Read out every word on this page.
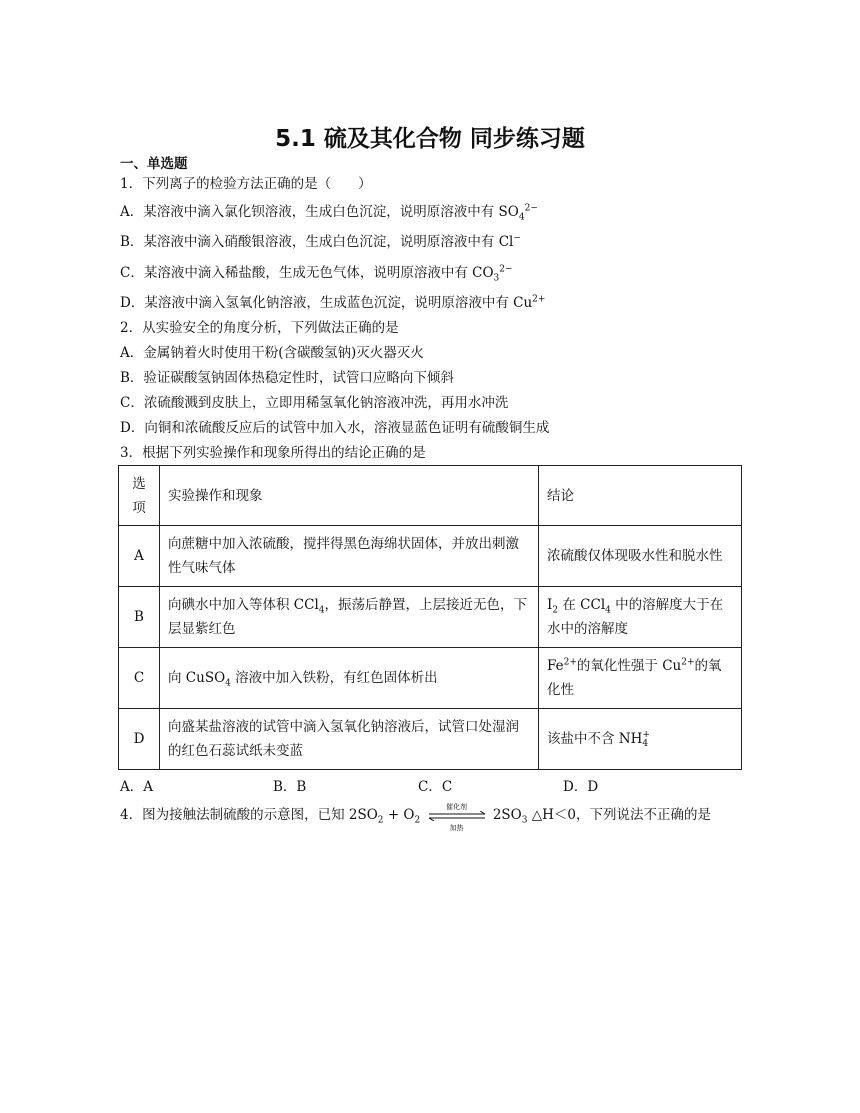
5.1 硫及其化合物 同步练习题
一、单选题
1．下列离子的检验方法正确的是（　　）
A．某溶液中滴入氯化钡溶液，生成白色沉淀，说明原溶液中有 $SO_4^{2-}$
B．某溶液中滴入硝酸银溶液，生成白色沉淀，说明原溶液中有 Cl−
C．某溶液中滴入稀盐酸，生成无色气体，说明原溶液中有 $CO_3^{2-}$
D．某溶液中滴入氢氧化钠溶液，生成蓝色沉淀，说明原溶液中有 $Cu^{2+}$
2．从实验安全的角度分析，下列做法正确的是
A．金属钠着火时使用干粉(含碳酸氢钠)灭火器灭火
B．验证碳酸氢钠固体热稳定性时，试管口应略向下倾斜
C．浓硫酸溅到皮肤上，立即用稀氢氧化钠溶液冲洗，再用水冲洗
D．向铜和浓硫酸反应后的试管中加入水，溶液显蓝色证明有硫酸铜生成
3．根据下列实验操作和现象所得出的结论正确的是
选项	实验操作和现象	结论
A	向蔗糖中加入浓硫酸，搅拌得黑色海绵状固体，并放出刺激性气味气体	浓硫酸仅体现吸水性和脱水性
B	向碘水中加入等体积 CCl$_4$，振荡后静置，上层接近无色，下层显紫红色	$I_2$ 在 CCl$_4$ 中的溶解度大于在水中的溶解度
C	向 CuSO$_4$ 溶液中加入铁粉，有红色固体析出	$Fe^{2+}$的氧化性强于 $Cu^{2+}$的氧化性
D	向盛某盐溶液的试管中滴入氢氧化钠溶液后，试管口处湿润的红色石蕊试纸未变蓝	该盐中不含 NH+
4
A．A	B．B	C．C	D．D
4．图为接触法制硫酸的示意图，已知 $2SO_2 + O_2$
催化剂
加热
$2SO_3$ △H＜0，下列说法不正确的是
